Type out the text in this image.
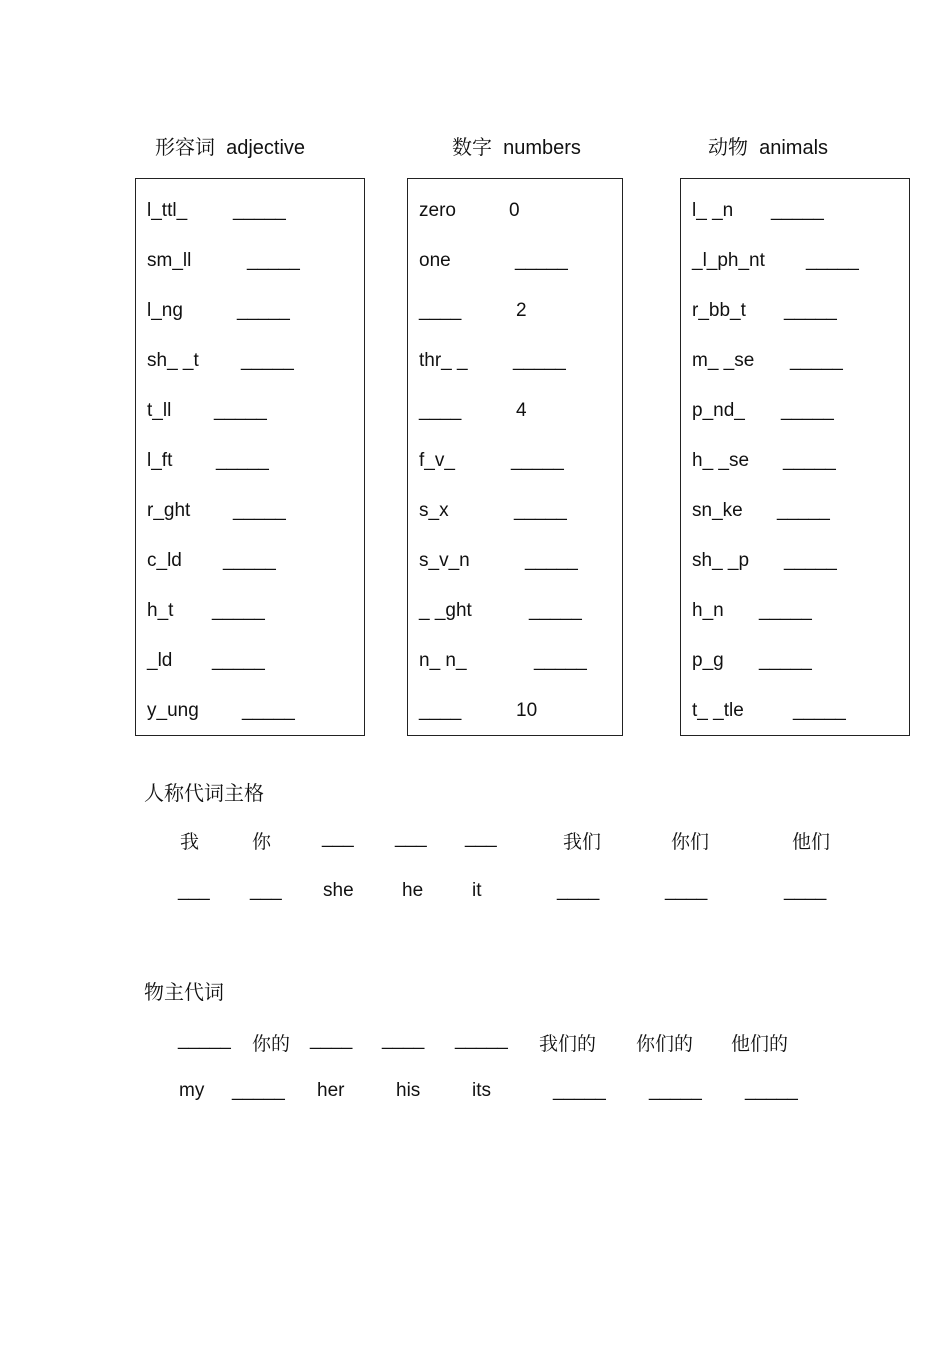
形容词  adjective	数字  numbers	动物  animals
l_ttl_ _____
sm_ll	_____
l_ng	_____
sh_ _t _____
t_ll _____
l_ft _____
r_ght _____
c_ld _____
h_t _____
_ld _____
y_ung _____
zero	0
one	_____
____	2
thr_ _ _____
____	4
f_v_	_____
s_x	_____
s_v_n	_____
_ _ght	_____
n_ n_	_____
____	10
l_ _n _____
_l_ph_nt _____
r_bb_t _____
m_ _se _____
p_nd_ _____
h_ _se _____
sn_ke _____
sh_ _p _____
h_n _____
p_g _____
t_ _tle	_____
人称代词主格
我	你	___ ___ ___	我们	你们	他们
___ ___ she	he	it	____	____	____
物主代词
_____ 你的 ____ ____ _____ 我们的 你们的 他们的
my _____ her	his	its	_____ _____ _____
